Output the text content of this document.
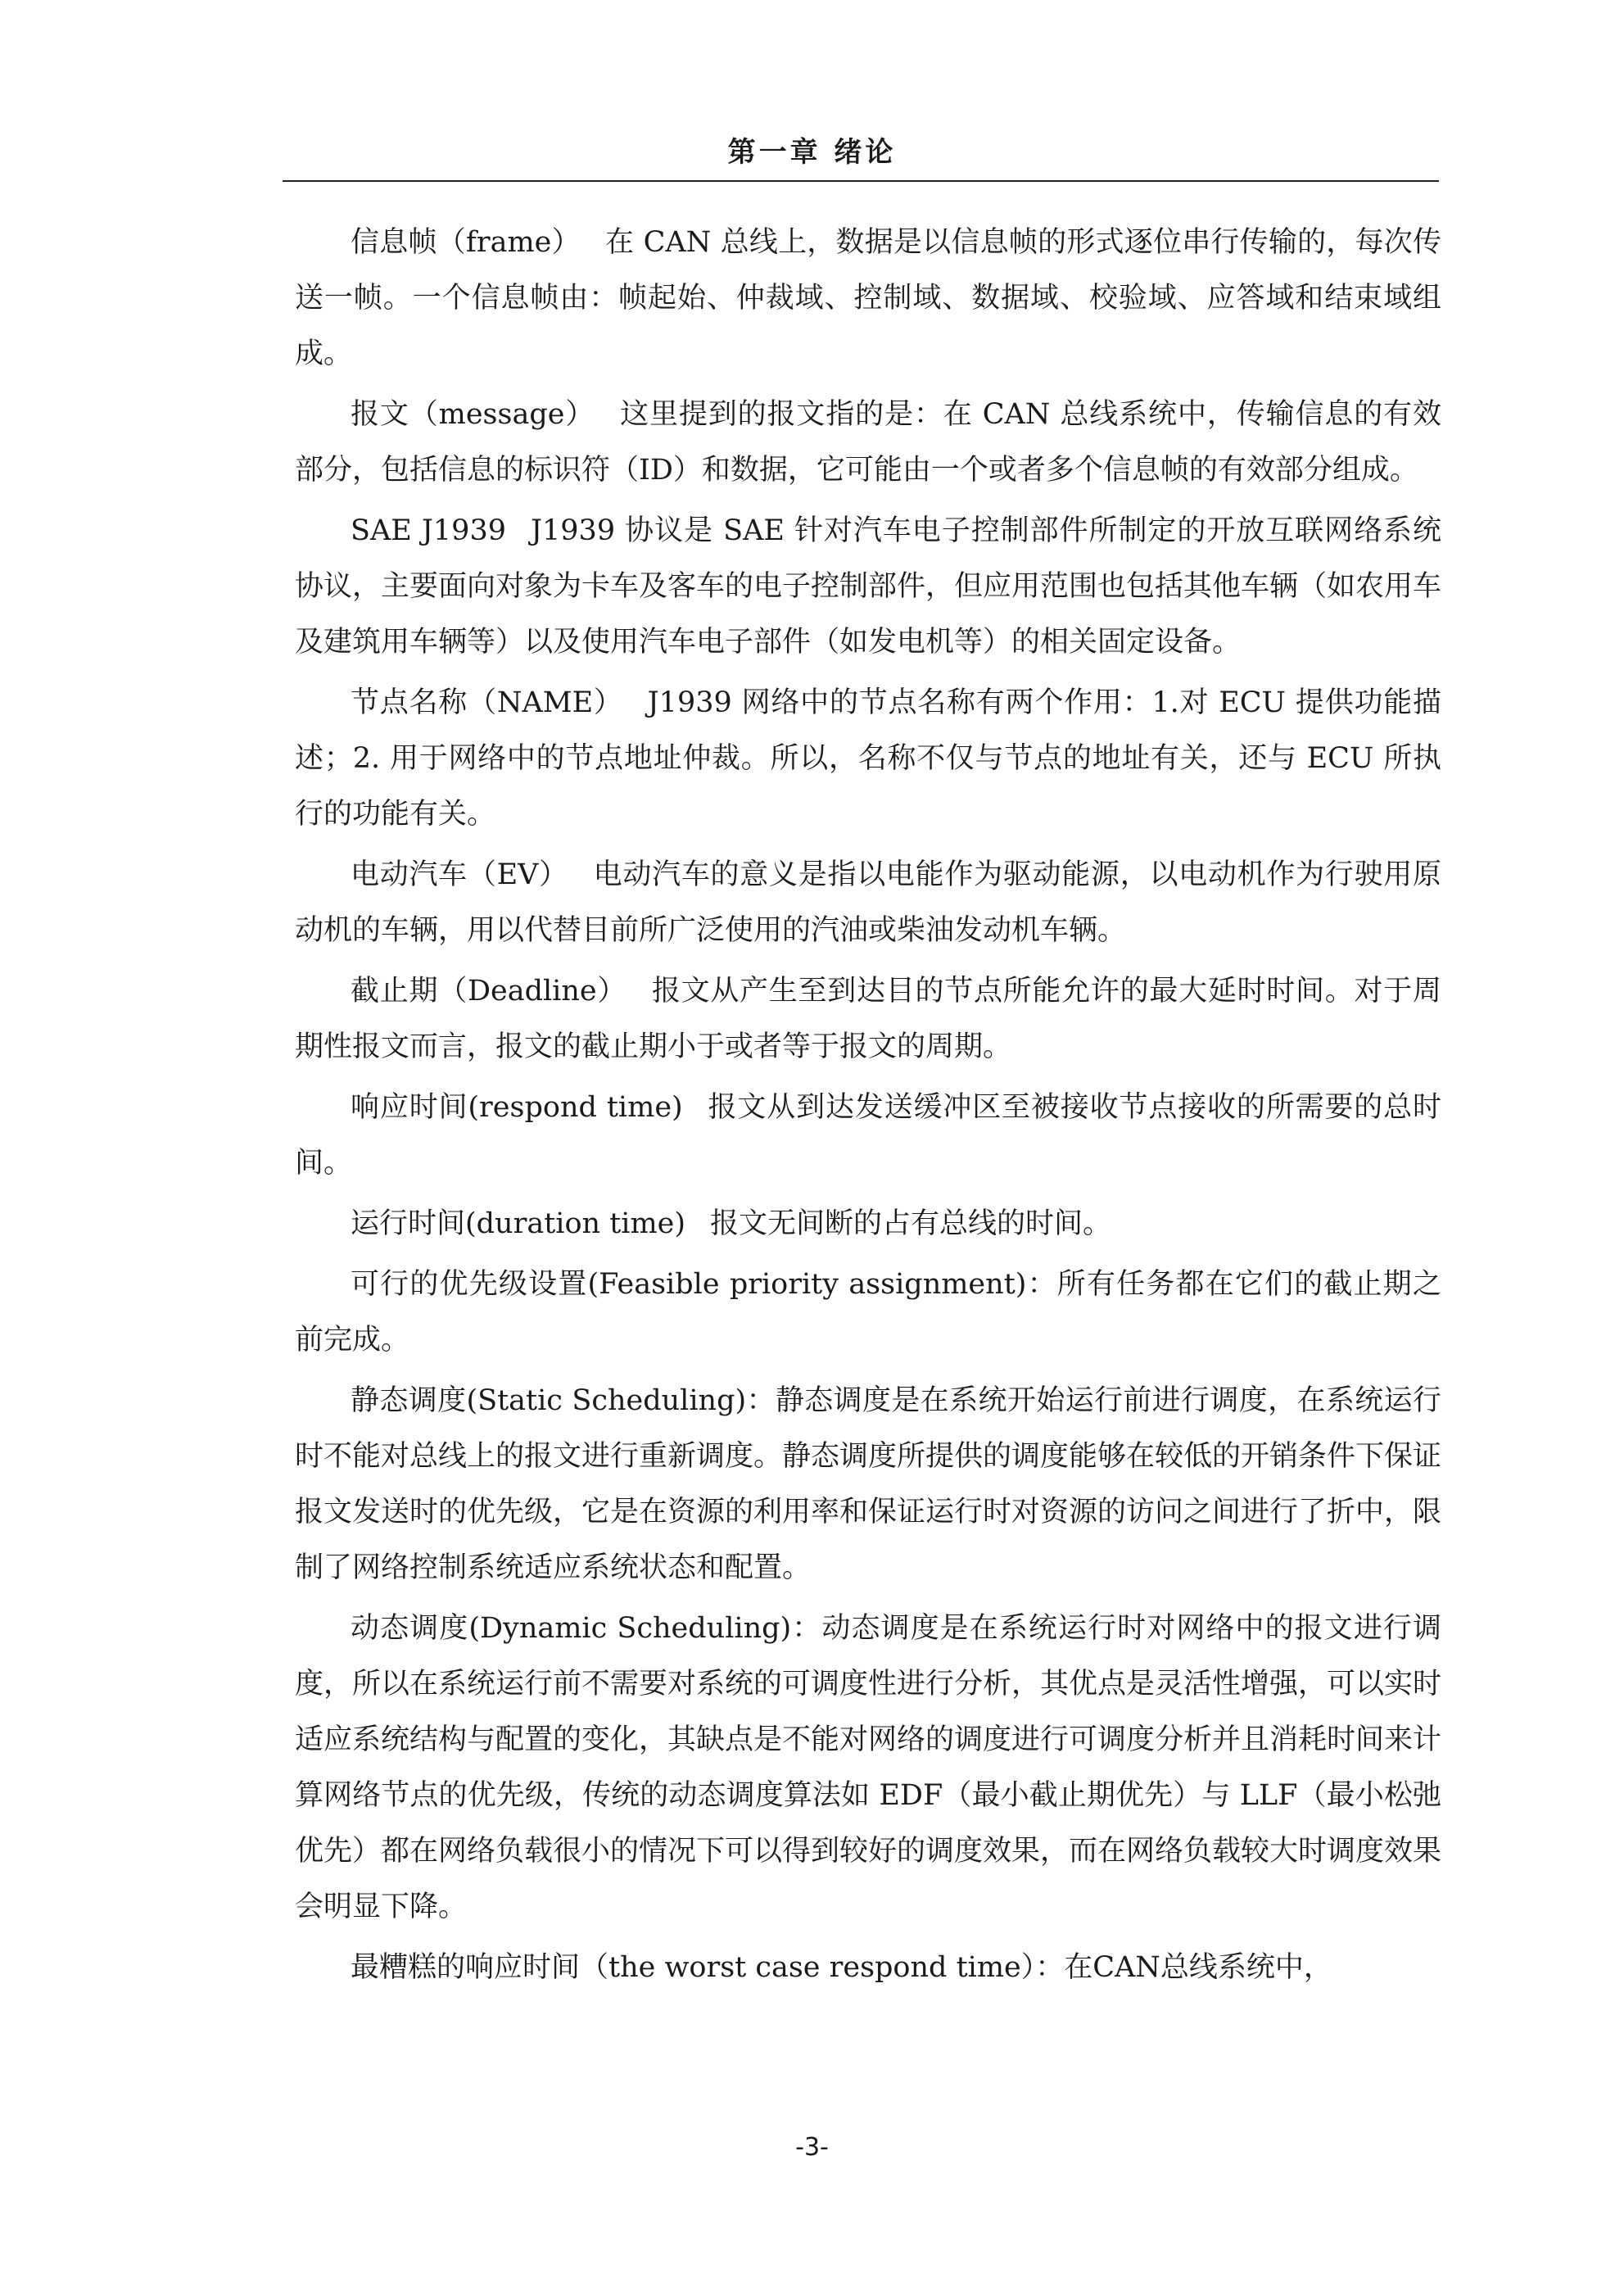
第一章 绪论

信息帧（frame） 在 CAN 总线上，数据是以信息帧的形式逐位串行传输的，每次传送一帧。一个信息帧由：帧起始、仲裁域、控制域、数据域、校验域、应答域和结束域组成。

报文（message） 这里提到的报文指的是：在 CAN 总线系统中，传输信息的有效部分，包括信息的标识符（ID）和数据，它可能由一个或者多个信息帧的有效部分组成。

SAE J1939 J1939 协议是 SAE 针对汽车电子控制部件所制定的开放互联网络系统协议，主要面向对象为卡车及客车的电子控制部件，但应用范围也包括其他车辆（如农用车及建筑用车辆等）以及使用汽车电子部件（如发电机等）的相关固定设备。

节点名称（NAME） J1939 网络中的节点名称有两个作用：1.对 ECU 提供功能描述；2. 用于网络中的节点地址仲裁。所以，名称不仅与节点的地址有关，还与 ECU 所执行的功能有关。

电动汽车（EV） 电动汽车的意义是指以电能作为驱动能源，以电动机作为行驶用原动机的车辆，用以代替目前所广泛使用的汽油或柴油发动机车辆。

截止期（Deadline） 报文从产生至到达目的节点所能允许的最大延时时间。对于周期性报文而言，报文的截止期小于或者等于报文的周期。

响应时间(respond time) 报文从到达发送缓冲区至被接收节点接收的所需要的总时间。

运行时间(duration time) 报文无间断的占有总线的时间。

可行的优先级设置(Feasible priority assignment)：所有任务都在它们的截止期之前完成。

静态调度(Static Scheduling)：静态调度是在系统开始运行前进行调度，在系统运行时不能对总线上的报文进行重新调度。静态调度所提供的调度能够在较低的开销条件下保证报文发送时的优先级，它是在资源的利用率和保证运行时对资源的访问之间进行了折中，限制了网络控制系统适应系统状态和配置。

动态调度(Dynamic Scheduling)：动态调度是在系统运行时对网络中的报文进行调度，所以在系统运行前不需要对系统的可调度性进行分析，其优点是灵活性增强，可以实时适应系统结构与配置的变化，其缺点是不能对网络的调度进行可调度分析并且消耗时间来计算网络节点的优先级，传统的动态调度算法如 EDF（最小截止期优先）与 LLF（最小松弛优先）都在网络负载很小的情况下可以得到较好的调度效果，而在网络负载较大时调度效果会明显下降。

最糟糕的响应时间（the worst case respond time）：在CAN总线系统中，

-3-
